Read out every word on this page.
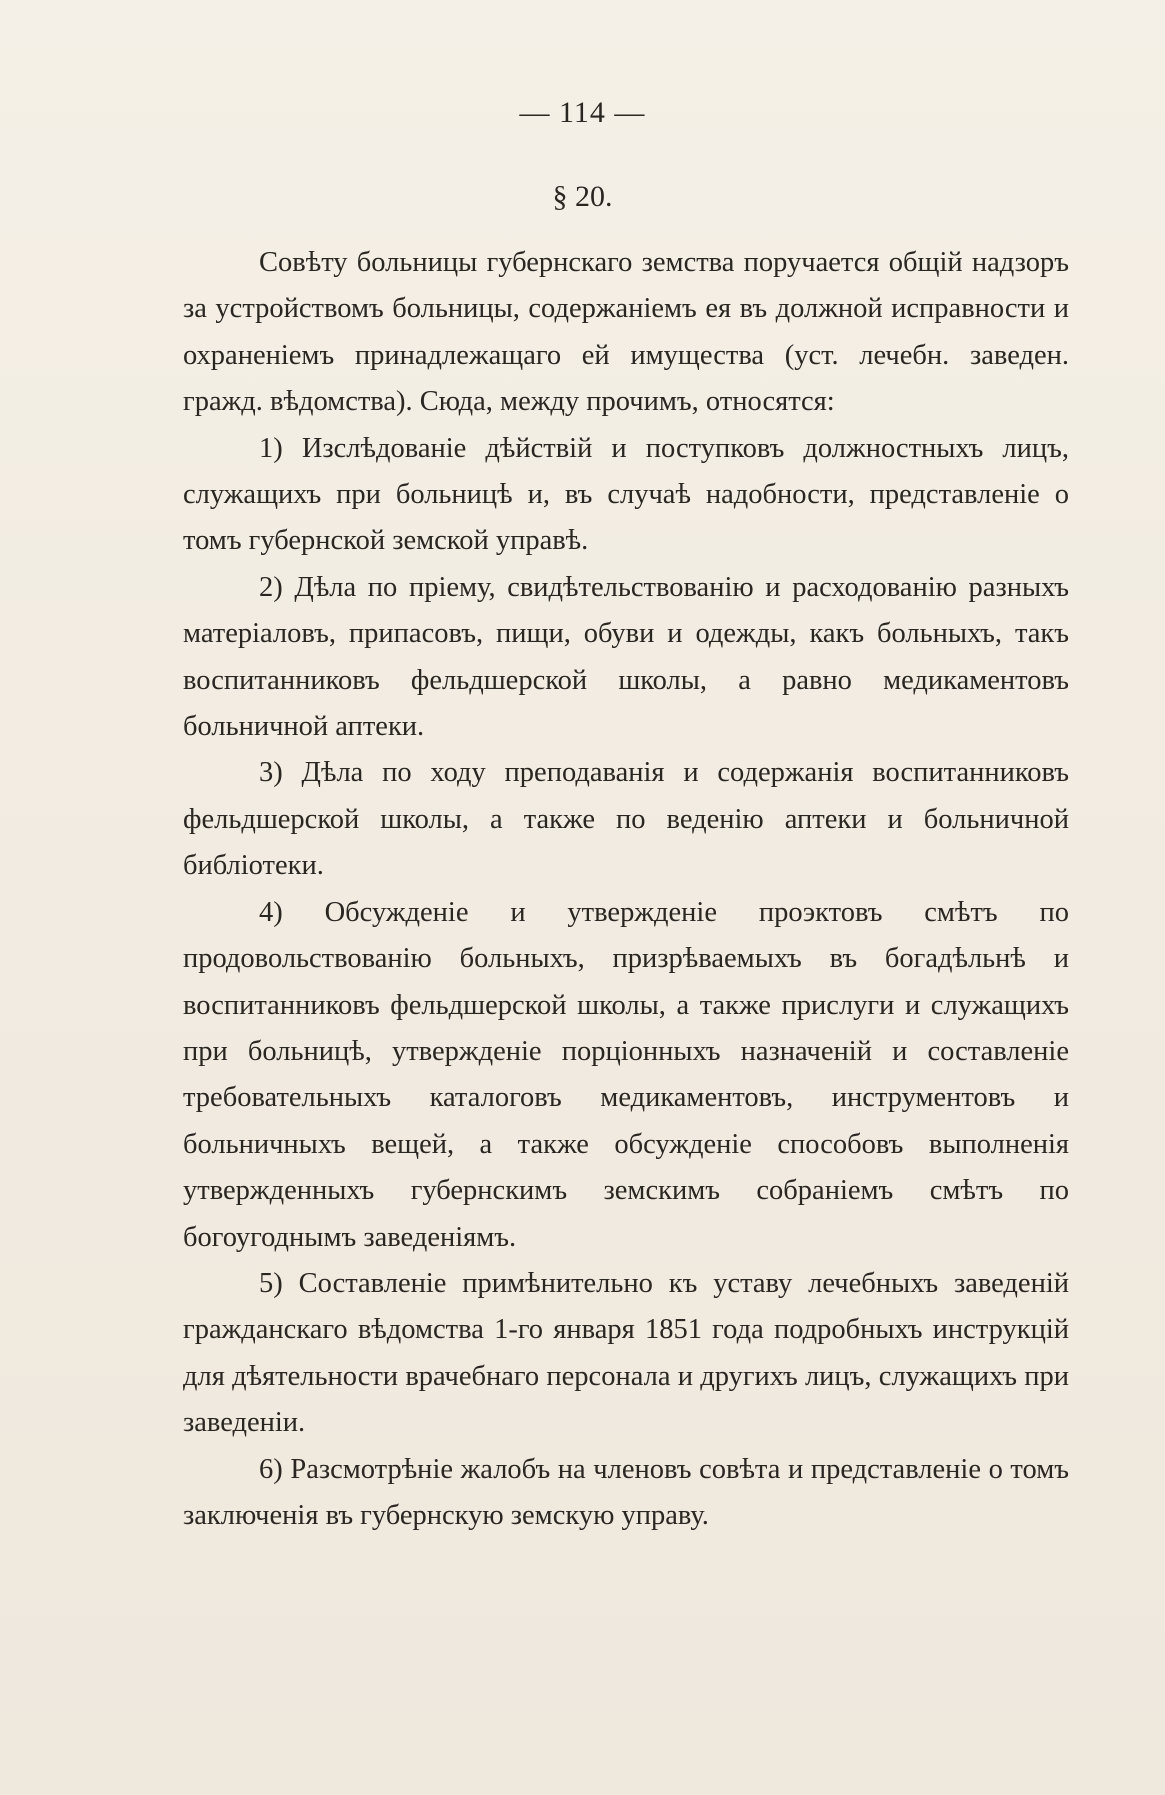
— 114 —
§ 20.

Совѣту больницы губернскаго земства поручается общій надзоръ за устройствомъ больницы, содержаніемъ ея въ должной исправности и охраненіемъ принадлежащаго ей имущества (уст. лечебн. заведен. гражд. вѣдомства). Сюда, между прочимъ, относятся:

1) Изслѣдованіе дѣйствій и поступковъ должностныхъ лицъ, служащихъ при больницѣ и, въ случаѣ надобности, представленіе о томъ губернской земской управѣ.

2) Дѣла по пріему, свидѣтельствованію и расходованію разныхъ матеріаловъ, припасовъ, пищи, обуви и одежды, какъ больныхъ, такъ воспитанниковъ фельдшерской школы, а равно медикаментовъ больничной аптеки.

3) Дѣла по ходу преподаванія и содержанія воспитанниковъ фельдшерской школы, а также по веденію аптеки и больничной библіотеки.

4) Обсужденіе и утвержденіе проэктовъ смѣтъ по продовольствованію больныхъ, призрѣваемыхъ въ богадѣльнѣ и воспитанниковъ фельдшерской школы, а также прислуги и служащихъ при больницѣ, утвержденіе порціонныхъ назначеній и составленіе требовательныхъ каталоговъ медикаментовъ, инструментовъ и больничныхъ вещей, а также обсужденіе способовъ выполненія утвержденныхъ губернскимъ земскимъ собраніемъ смѣтъ по богоугоднымъ заведеніямъ.

5) Составленіе примѣнительно къ уставу лечебныхъ заведеній гражданскаго вѣдомства 1-го января 1851 года подробныхъ инструкцій для дѣятельности врачебнаго персонала и другихъ лицъ, служащихъ при заведеніи.

6) Разсмотрѣніе жалобъ на членовъ совѣта и представленіе о томъ заключенія въ губернскую земскую управу.
